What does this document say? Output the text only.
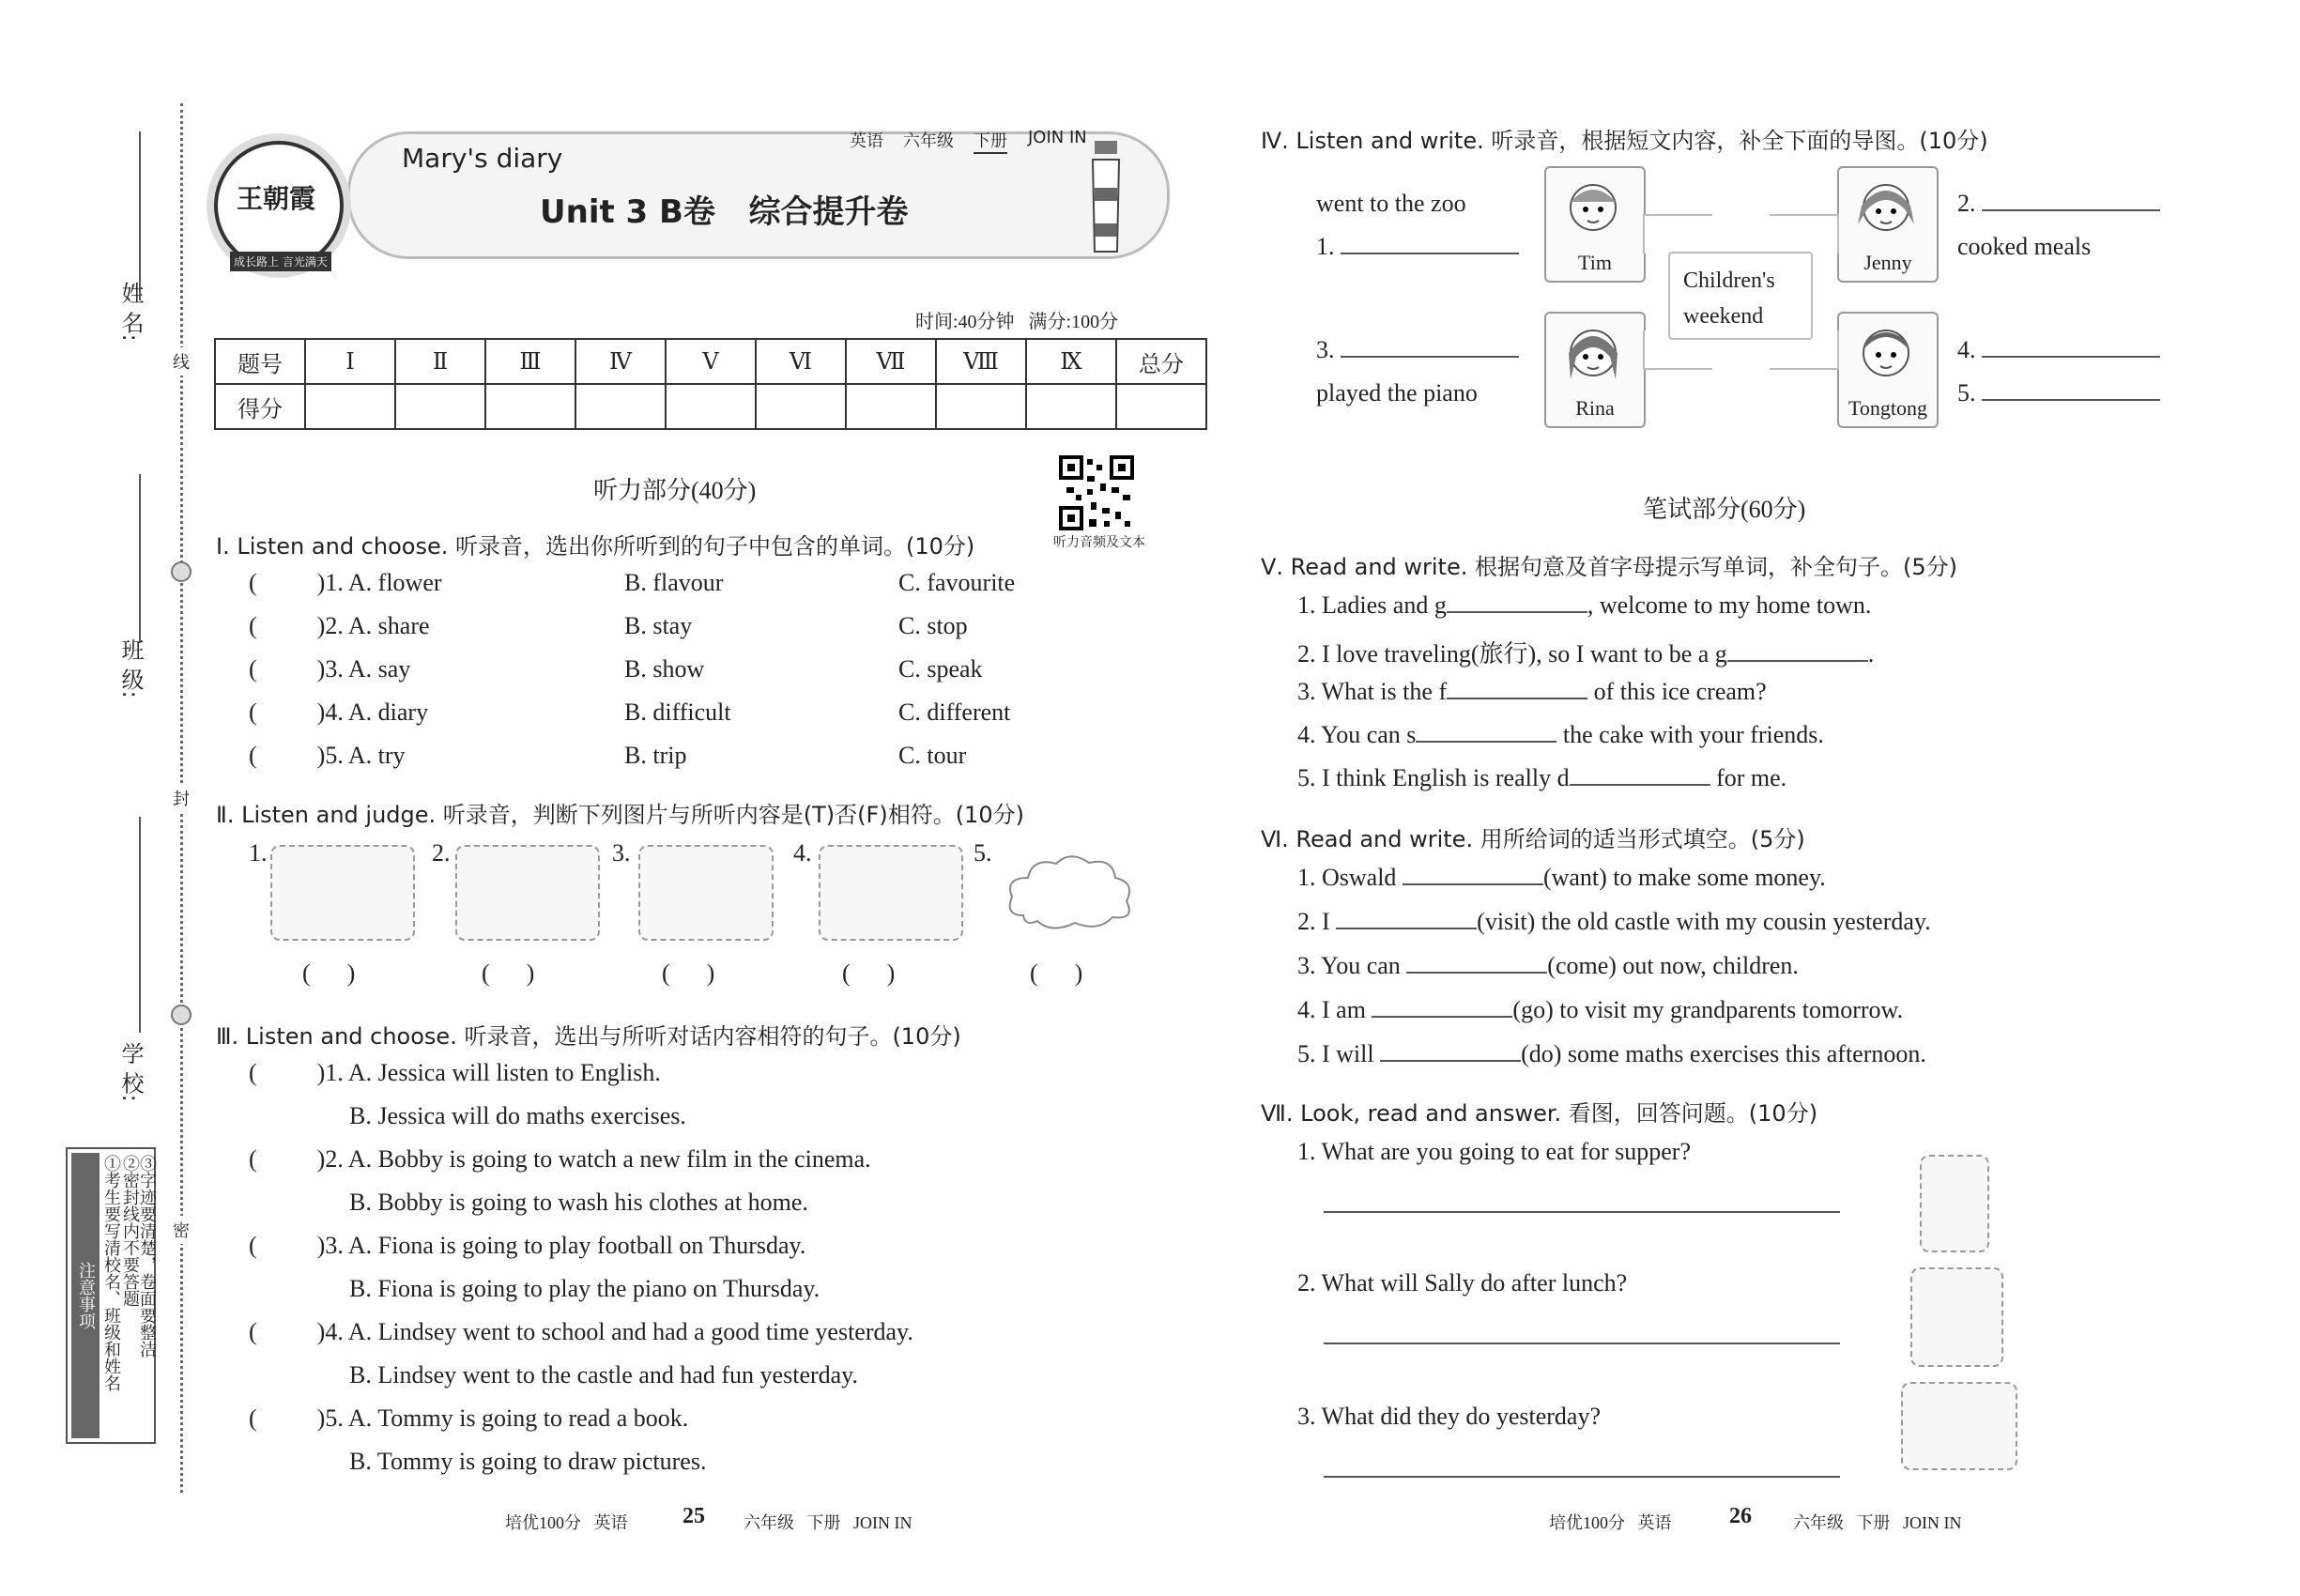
姓 名:
班 级:
学 校:
线
封
密
注意事项 ①考生要写清校名、班级和姓名 ②密封线内不要答题
③字迹要清楚，卷面要整洁
王朝霞
成长路上 言光满天
Mary's diary
英语 六年级 下册 JOIN IN
Unit 3 B卷   综合提升卷
时间:40分钟   满分:100分
题号	Ⅰ	Ⅱ	Ⅲ	Ⅳ	Ⅴ	Ⅵ	Ⅶ	Ⅷ	Ⅸ	总分
得分										
听力部分(40分)
听力音频及文本
Ⅰ. Listen and choose. 听录音，选出你所听到的句子中包含的单词。(10分)
( )1. A. flower	B. flavour	C. favourite
( )2. A. share	B. stay	C. stop
( )3. A. say	B. show	C. speak
( )4. A. diary	B. difficult	C. different
( )5. A. try	B. trip	C. tour
Ⅱ. Listen and judge. 听录音，判断下列图片与所听内容是(T)否(F)相符。(10分)
1.	2.	3.	4.	5.
(      )	(      )	(      )	(      )	(      )
Ⅲ. Listen and choose. 听录音，选出与所听对话内容相符的句子。(10分)
( )1. A. Jessica will listen to English.
B. Jessica will do maths exercises.
( )2. A. Bobby is going to watch a new film in the cinema.
B. Bobby is going to wash his clothes at home.
( )3. A. Fiona is going to play football on Thursday.
B. Fiona is going to play the piano on Thursday.
( )4. A. Lindsey went to school and had a good time yesterday.
B. Lindsey went to the castle and had fun yesterday.
( )5. A. Tommy is going to read a book.
B. Tommy is going to draw pictures.
培优100分   英语 25 六年级   下册   JOIN IN
Ⅳ. Listen and write. 听录音，根据短文内容，补全下面的导图。(10分)
went to the zoo
1.
3.
played the piano
Tim	Jenny
Rina	Tongtong
Children's weekend
2.
cooked meals
4.
5.
笔试部分(60分)
Ⅴ. Read and write. 根据句意及首字母提示写单词，补全句子。(5分)
1. Ladies and g	, welcome to my home town.
2. I love traveling(旅行), so I want to be a g	.
3. What is the f	of this ice cream?
4. You can s	the cake with your friends.
5. I think English is really d	for me.
Ⅵ. Read and write. 用所给词的适当形式填空。(5分)
1. Oswald	(want) to make some money.
2. I	(visit) the old castle with my cousin yesterday.
3. You can	(come) out now, children.
4. I am	(go) to visit my grandparents tomorrow.
5. I will	(do) some maths exercises this afternoon.
Ⅶ. Look, read and answer. 看图，回答问题。(10分)
1. What are you going to eat for supper?
2. What will Sally do after lunch?
3. What did they do yesterday?
培优100分   英语	26 六年级   下册   JOIN IN
